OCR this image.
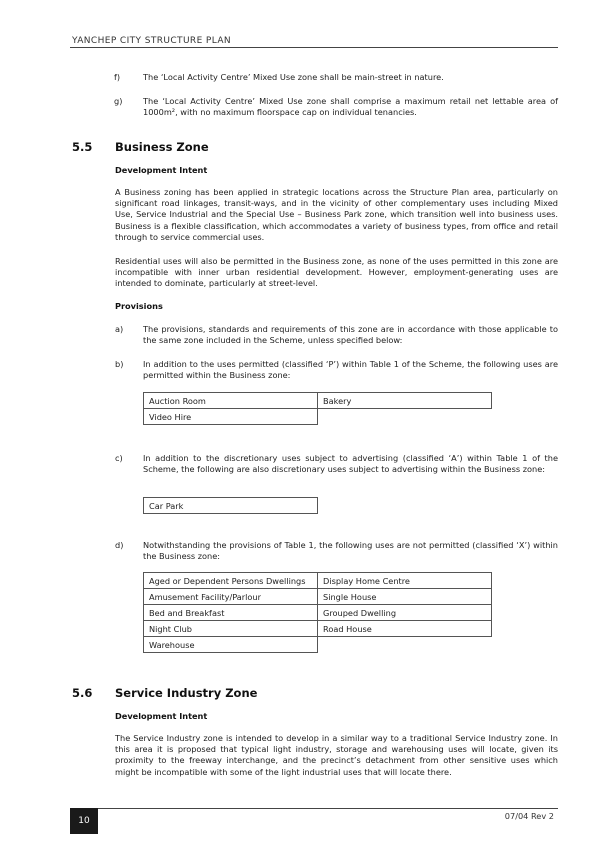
YANCHEP CITY STRUCTURE PLAN
f)	The ‘Local Activity Centre’ Mixed Use zone shall be main-street in nature.
g)	The ‘Local Activity Centre’ Mixed Use zone shall comprise a maximum retail net lettable area of 1000m², with no maximum floorspace cap on individual tenancies.
5.5 Business Zone
Development Intent
A Business zoning has been applied in strategic locations across the Structure Plan area, particularly on significant road linkages, transit-ways, and in the vicinity of other complementary uses including Mixed Use, Service Industrial and the Special Use – Business Park zone, which transition well into business uses. Business is a flexible classification, which accommodates a variety of business types, from office and retail through to service commercial uses.
Residential uses will also be permitted in the Business zone, as none of the uses permitted in this zone are incompatible with inner urban residential development. However, employment-generating uses are intended to dominate, particularly at street-level.
Provisions
a) The provisions, standards and requirements of this zone are in accordance with those applicable to the same zone included in the Scheme, unless specified below:
b) In addition to the uses permitted (classified ‘P’) within Table 1 of the Scheme, the following uses are permitted within the Business zone:
Auction Room	Bakery
Video Hire	
c) In addition to the discretionary uses subject to advertising (classified ‘A’) within Table 1 of the Scheme, the following are also discretionary uses subject to advertising within the Business zone:
Car Park
d) Notwithstanding the provisions of Table 1, the following uses are not permitted (classified ‘X’) within the Business zone:
Aged or Dependent Persons Dwellings	Display Home Centre
Amusement Facility/Parlour	Single House
Bed and Breakfast	Grouped Dwelling
Night Club	Road House
Warehouse	
5.6 Service Industry Zone
Development Intent
The Service Industry zone is intended to develop in a similar way to a traditional Service Industry zone. In this area it is proposed that typical light industry, storage and warehousing uses will locate, given its proximity to the freeway interchange, and the precinct’s detachment from other sensitive uses which might be incompatible with some of the light industrial uses that will locate there.
10	07/04 Rev 2
